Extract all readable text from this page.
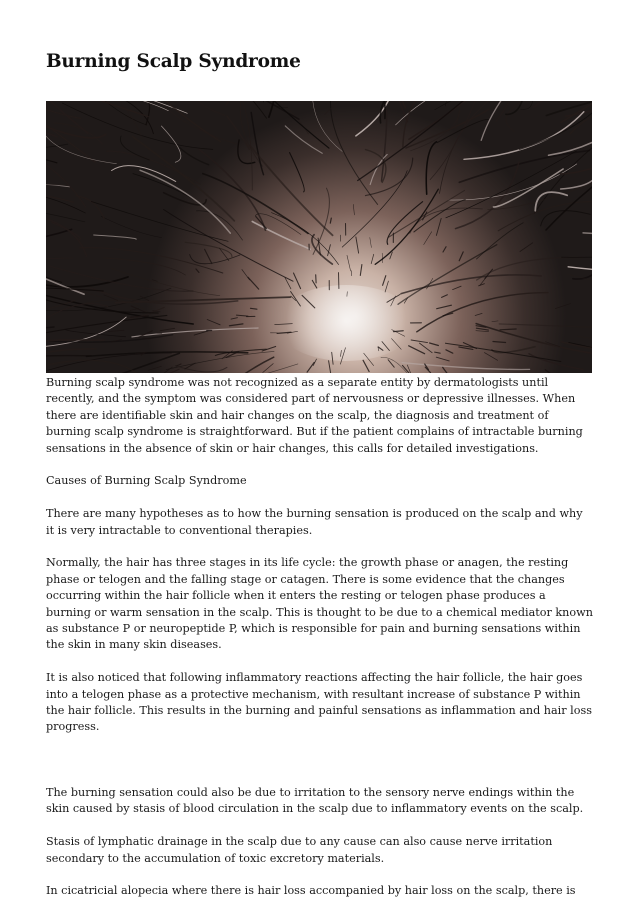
Burning Scalp Syndrome

Burning scalp syndrome was not recognized as a separate entity by dermatologists until recently, and the symptom was considered part of nervousness or depressive illnesses. When there are identifiable skin and hair changes on the scalp, the diagnosis and treatment of burning scalp syndrome is straightforward. But if the patient complains of intractable burning sensations in the absence of skin or hair changes, this calls for detailed investigations.

Causes of Burning Scalp Syndrome

There are many hypotheses as to how the burning sensation is produced on the scalp and why it is very intractable to conventional therapies.

Normally, the hair has three stages in its life cycle: the growth phase or anagen, the resting phase or telogen and the falling stage or catagen. There is some evidence that the changes occurring within the hair follicle when it enters the resting or telogen phase produces a burning or warm sensation in the scalp. This is thought to be due to a chemical mediator known as substance P or neuropeptide P, which is responsible for pain and burning sensations within the skin in many skin diseases.

It is also noticed that following inflammatory reactions affecting the hair follicle, the hair goes into a telogen phase as a protective mechanism, with resultant increase of substance P within the hair follicle. This results in the burning and painful sensations as inflammation and hair loss progress.

The burning sensation could also be due to irritation to the sensory nerve endings within the skin caused by stasis of blood circulation in the scalp due to inflammatory events on the scalp.

Stasis of lymphatic drainage in the scalp due to any cause can also cause nerve irritation secondary to the accumulation of toxic excretory materials.

In cicatricial alopecia where there is hair loss accompanied by hair loss on the scalp, there is
